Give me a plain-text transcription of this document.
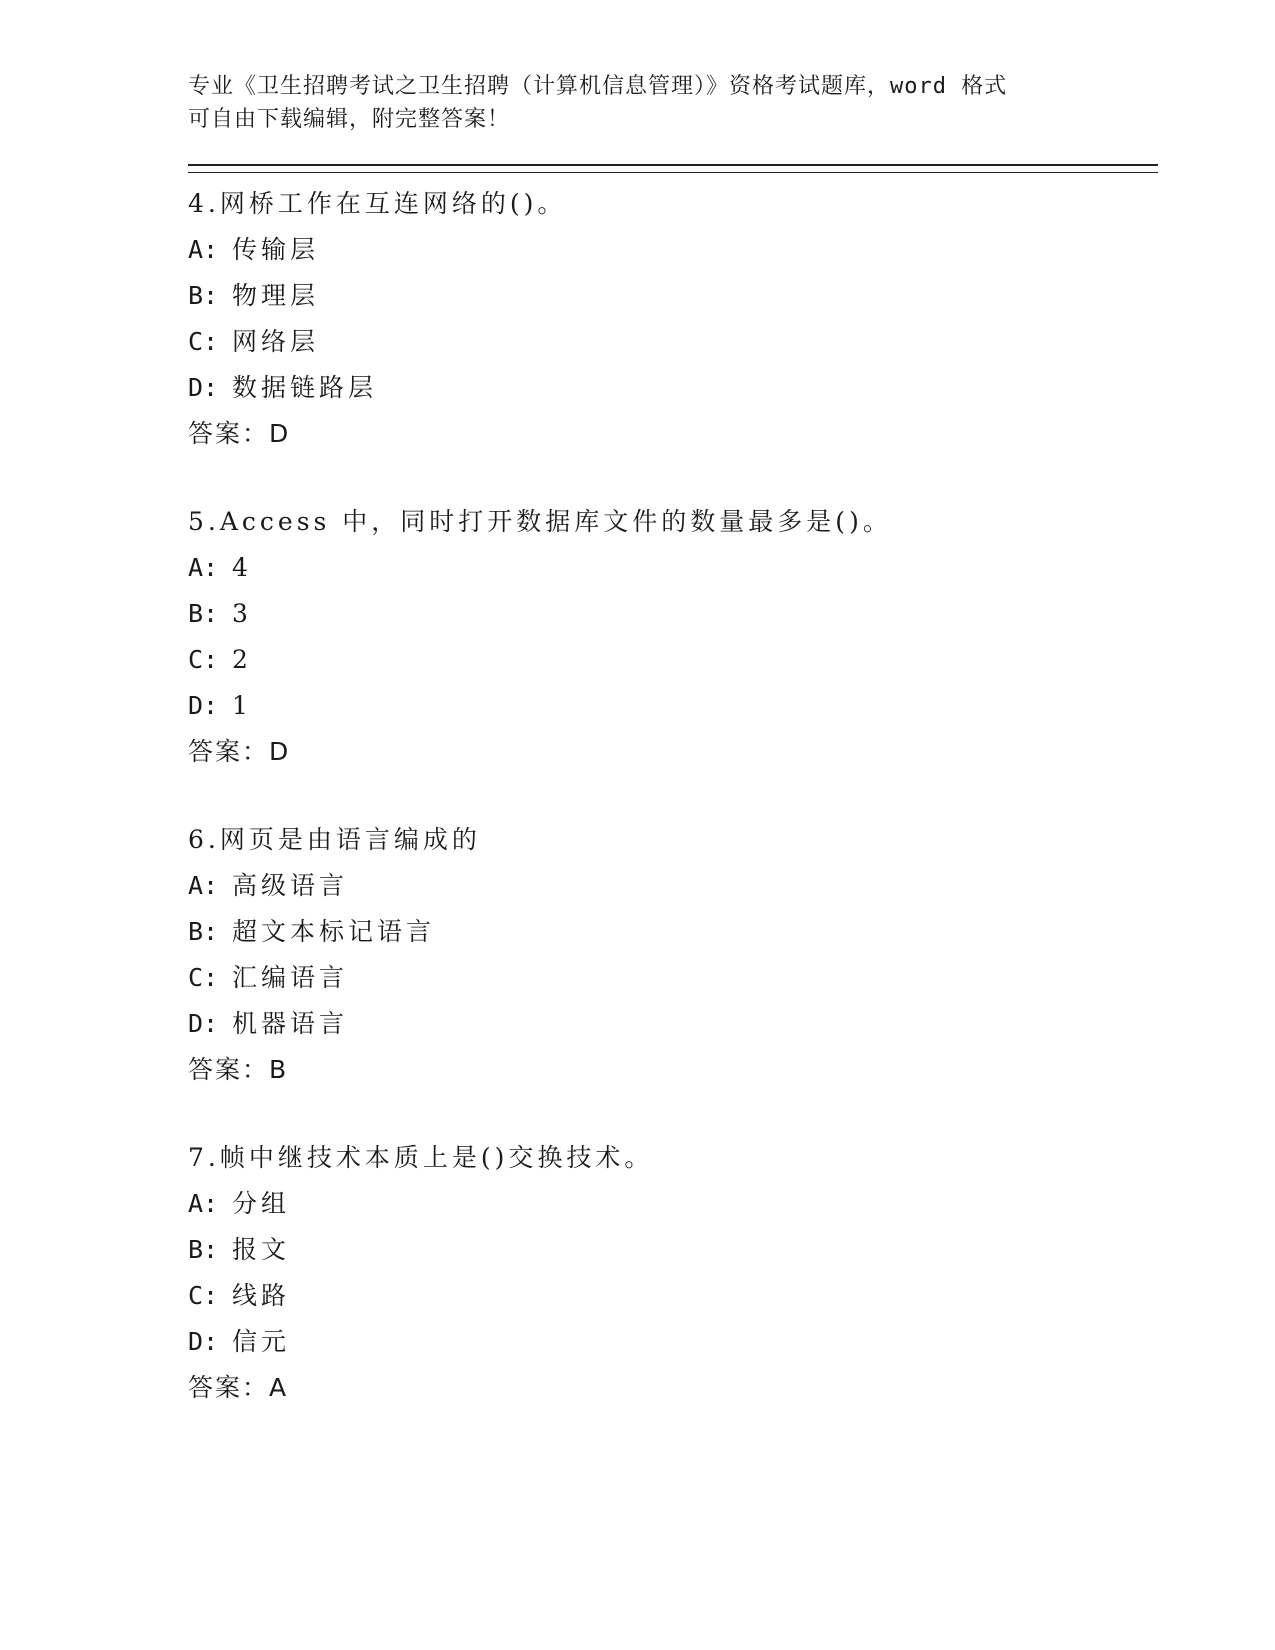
专业《卫生招聘考试之卫生招聘（计算机信息管理）》资格考试题库，word 格式
可自由下载编辑，附完整答案！
4.网桥工作在互连网络的()。
A: 传输层
B: 物理层
C: 网络层
D: 数据链路层
答案：D
5.Access 中，同时打开数据库文件的数量最多是()。
A: 4
B: 3
C: 2
D: 1
答案：D
6.网页是由语言编成的
A: 高级语言
B: 超文本标记语言
C: 汇编语言
D: 机器语言
答案：B
7.帧中继技术本质上是()交换技术。
A: 分组
B: 报文
C: 线路
D: 信元
答案：A
